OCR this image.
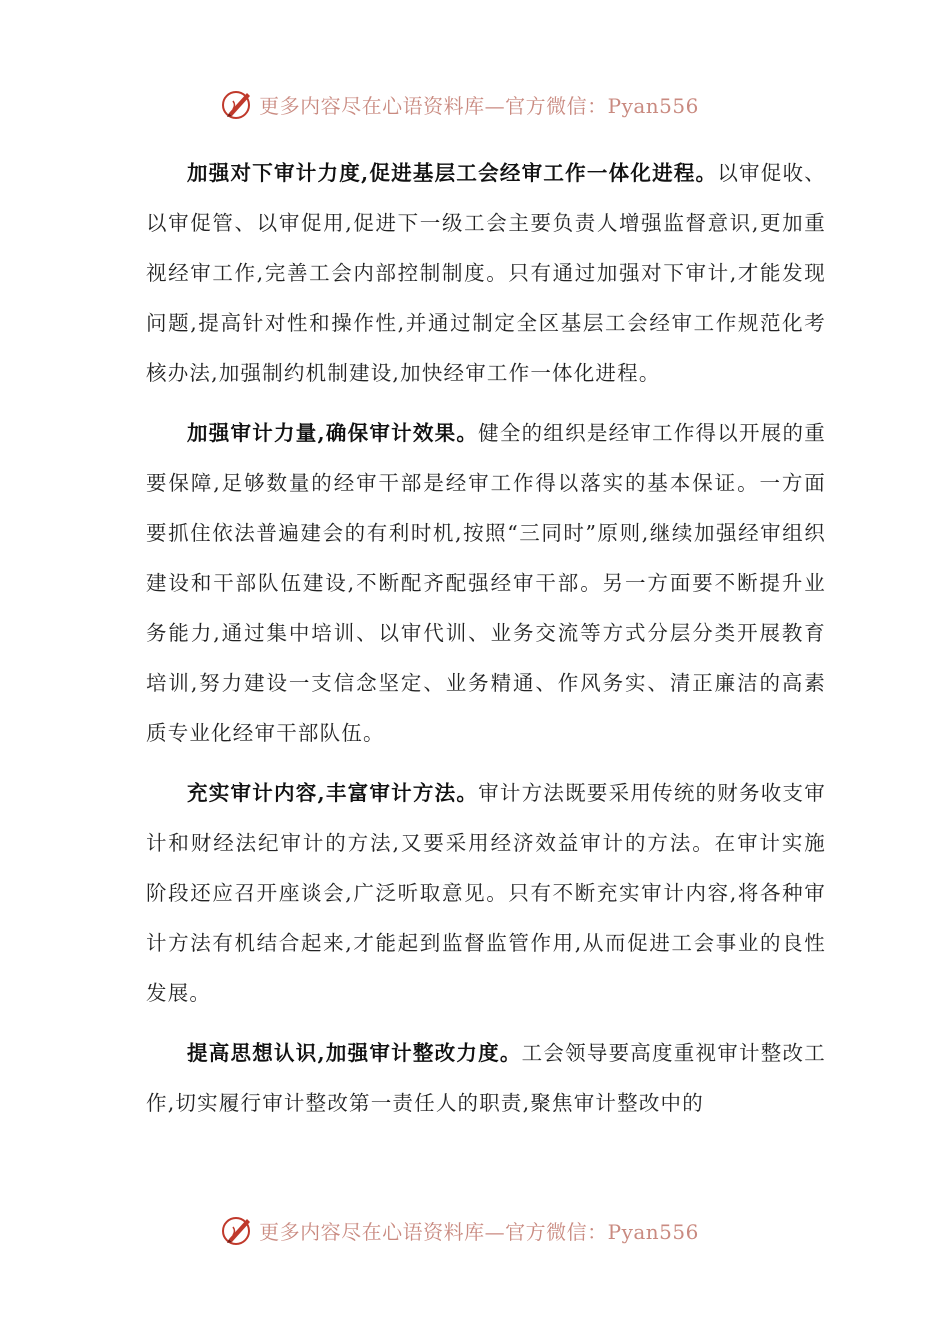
更多内容尽在心语资料库—官方微信：Pyan556

加强对下审计力度,促进基层工会经审工作一体化进程。以审促收、以审促管、以审促用,促进下一级工会主要负责人增强监督意识,更加重视经审工作,完善工会内部控制制度。只有通过加强对下审计,才能发现问题,提高针对性和操作性,并通过制定全区基层工会经审工作规范化考核办法,加强制约机制建设,加快经审工作一体化进程。

加强审计力量,确保审计效果。健全的组织是经审工作得以开展的重要保障,足够数量的经审干部是经审工作得以落实的基本保证。一方面要抓住依法普遍建会的有利时机,按照“三同时”原则,继续加强经审组织建设和干部队伍建设,不断配齐配强经审干部。另一方面要不断提升业务能力,通过集中培训、以审代训、业务交流等方式分层分类开展教育培训,努力建设一支信念坚定、业务精通、作风务实、清正廉洁的高素质专业化经审干部队伍。

充实审计内容,丰富审计方法。审计方法既要采用传统的财务收支审计和财经法纪审计的方法,又要采用经济效益审计的方法。在审计实施阶段还应召开座谈会,广泛听取意见。只有不断充实审计内容,将各种审计方法有机结合起来,才能起到监督监管作用,从而促进工会事业的良性发展。

提高思想认识,加强审计整改力度。工会领导要高度重视审计整改工作,切实履行审计整改第一责任人的职责,聚焦审计整改中的

更多内容尽在心语资料库—官方微信：Pyan556
